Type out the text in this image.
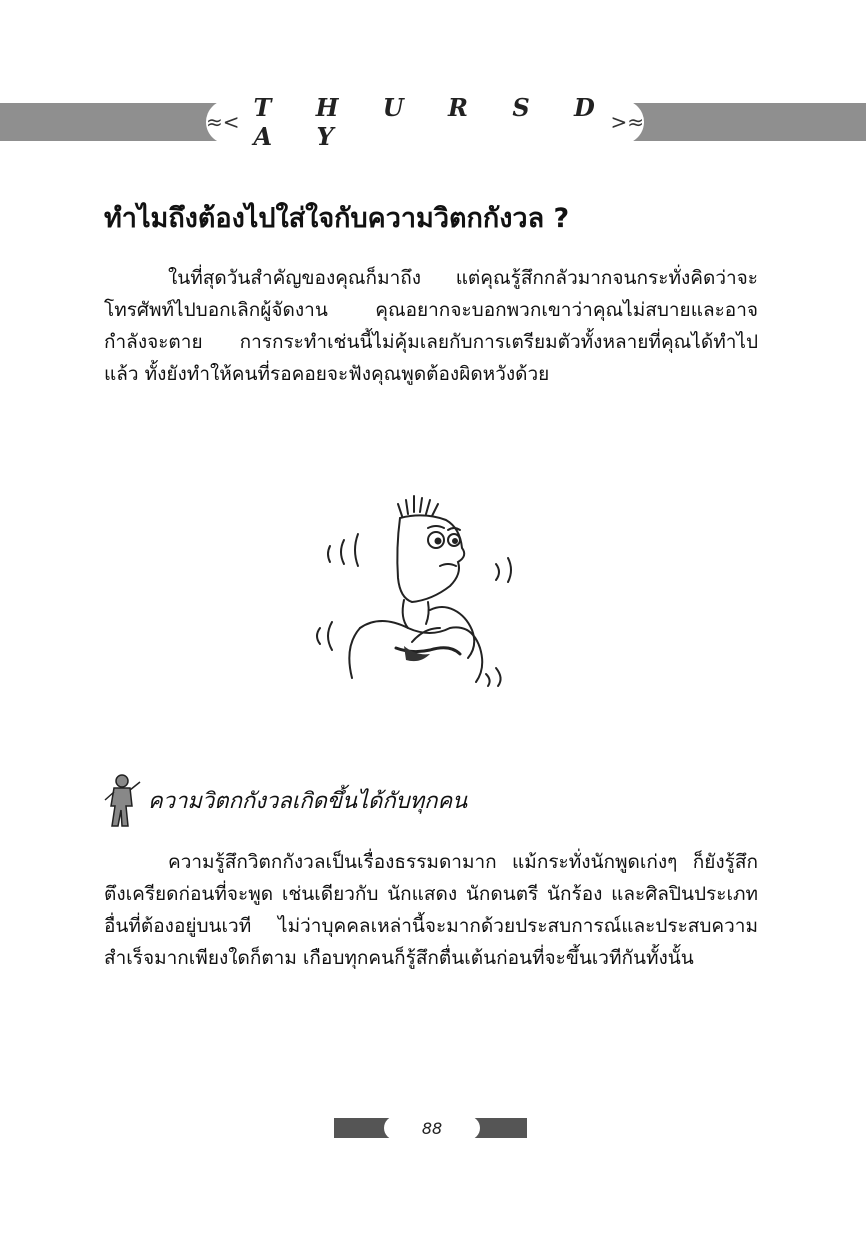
≈< T H U R S D A Y	>≈
ทำไมถึงต้องไปใส่ใจกับความวิตกกังวล ?

ในที่สุดวันสำคัญของคุณก็มาถึง แต่คุณรู้สึกกลัวมากจนกระทั่งคิดว่าจะโทรศัพท์ไปบอกเลิกผู้จัดงาน คุณอยากจะบอกพวกเขาว่าคุณไม่สบายและอาจกำลังจะตาย การกระทำเช่นนี้ไม่คุ้มเลยกับการเตรียมตัวทั้งหลายที่คุณได้ทำไปแล้ว ทั้งยังทำให้คนที่รอคอยจะฟังคุณพูดต้องผิดหวังด้วย

ความวิตกกังวลเกิดขึ้นได้กับทุกคน

ความรู้สึกวิตกกังวลเป็นเรื่องธรรมดามาก แม้กระทั่งนักพูดเก่งๆ ก็ยังรู้สึกตึงเครียดก่อนที่จะพูด เช่นเดียวกับ นักแสดง นักดนตรี นักร้อง และศิลปินประเภทอื่นที่ต้องอยู่บนเวที ไม่ว่าบุคคลเหล่านี้จะมากด้วยประสบการณ์และประสบความสำเร็จมากเพียงใดก็ตาม เกือบทุกคนก็รู้สึกตื่นเต้นก่อนที่จะขึ้นเวทีกันทั้งนั้น

88
